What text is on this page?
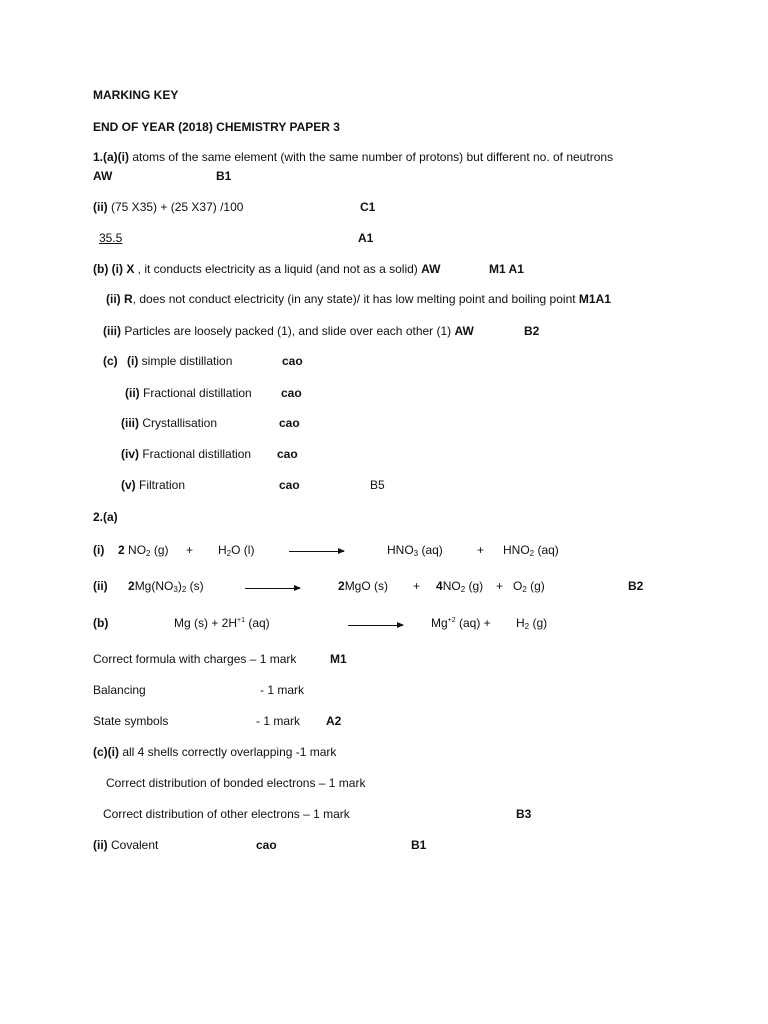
MARKING KEY
END OF YEAR (2018) CHEMISTRY PAPER 3
1.(a)(i) atoms of the same element (with the same number of protons) but different no. of neutrons
AW	B1
(ii) (75 X35) + (25 X37) /100	C1
35.5	A1
(b) (i) X , it conducts electricity as a liquid (and not as a solid) AW	M1 A1
(ii) R, does not conduct electricity (in any state)/ it has low melting point and boiling point M1A1
(iii) Particles are loosely packed (1), and slide over each other (1) AW	B2
(c) (i) simple distillation	cao
(ii) Fractional distillation cao
(iii) Crystallisation	cao
(iv) Fractional distillation cao
(v) Filtration	cao	B5
2.(a)
(i) 2 $NO_2$ $(g) + H_2O$ (l)	$HNO_3$ (aq)	+ $HNO_2$ (aq)
(ii) $2Mg(NO_3)_2$ (s)	2MgO $(s) + 4NO_2$ $(g) + O_2$ (g)	B2
(b)	Mg $(s) + 2H^{+1}$ (aq)	$Mg^{+2}$ $(aq) + H_2$ (g)
Correct formula with charges – 1 mark	M1
Balancing	- 1 mark
State symbols	- 1 mark A2
(c)(i) all 4 shells correctly overlapping -1 mark
Correct distribution of bonded electrons – 1 mark
Correct distribution of other electrons – 1 mark	B3
(ii) Covalent	cao	B1
